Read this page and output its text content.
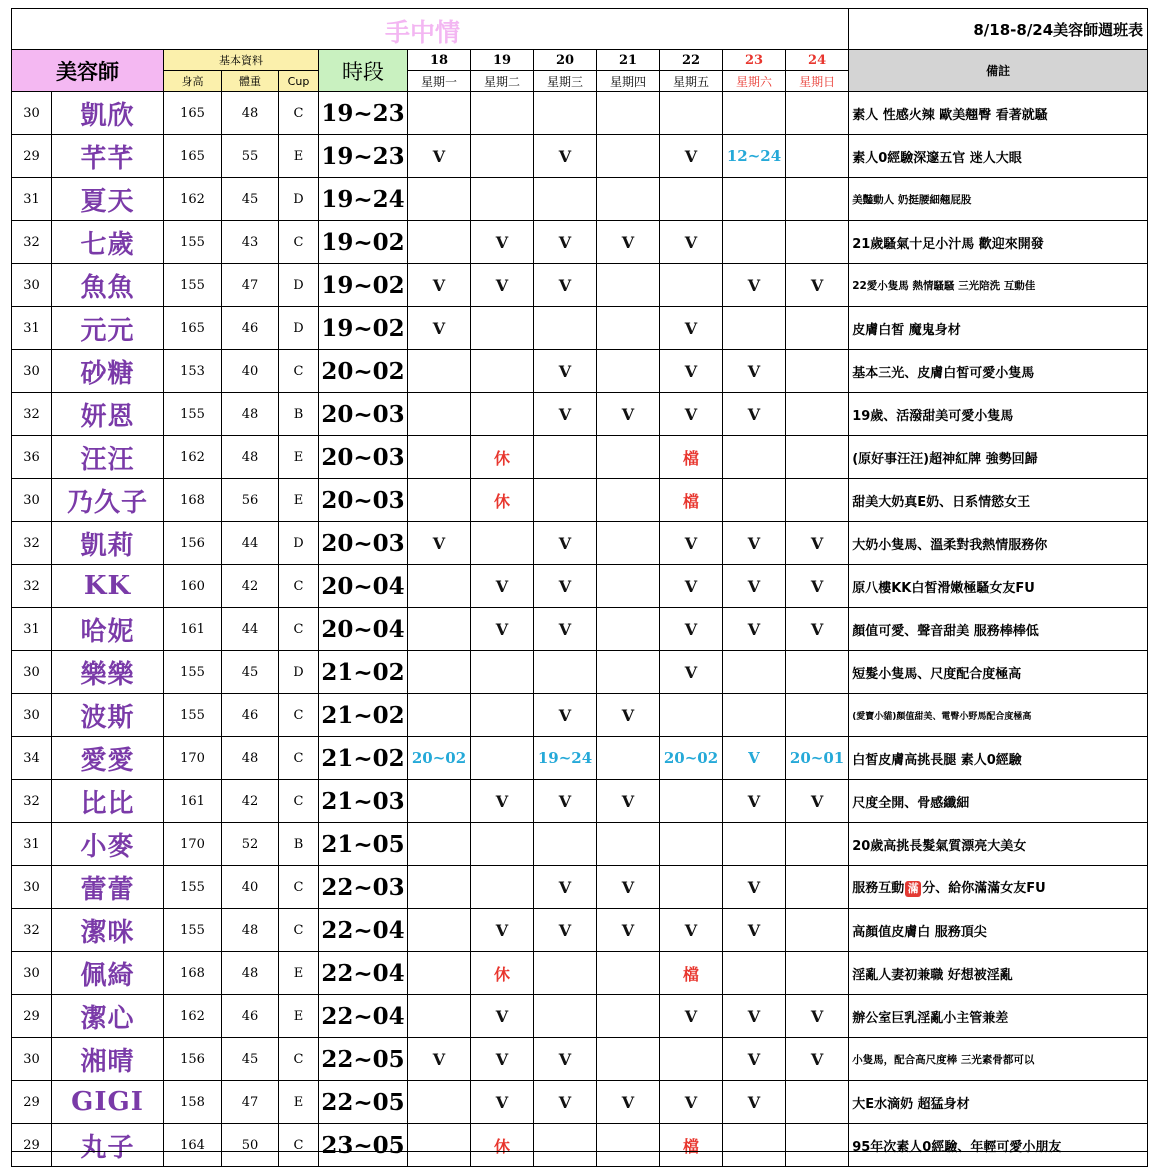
手中情													8/18-8/24美容師週班表
美容師		基本資料			時段	18	19	20	21	22	23	24	備註
		身高	體重	Cup		星期一	星期二	星期三	星期四	星期五	星期六	星期日	
30	凱欣	165	48	C	19~23								素人 性感火辣 歐美翹臀 看著就騷
29	芊芊	165	55	E	19~23	V		V		V	12~24		素人0經驗深邃五官 迷人大眼
31	夏天	162	45	D	19~24								美豔動人 奶挺腰細翹屁股
32	七歲	155	43	C	19~02		V	V	V	V			21歲騷氣十足小汁馬 歡迎來開發
30	魚魚	155	47	D	19~02	V	V	V			V	V	22愛小隻馬 熱情騷騷 三光陪洗 互動佳
31	元元	165	46	D	19~02	V				V			皮膚白皙 魔鬼身材
30	砂糖	153	40	C	20~02			V		V	V		基本三光、皮膚白皙可愛小隻馬
32	妍恩	155	48	B	20~03			V	V	V	V		19歲、活潑甜美可愛小隻馬
36	汪汪	162	48	E	20~03		休			檔			(原好事汪汪)超神紅牌 強勢回歸
30	乃久子	168	56	E	20~03		休			檔			甜美大奶真E奶、日系情慾女王
32	凱莉	156	44	D	20~03	V		V		V	V	V	大奶小隻馬、溫柔對我熱情服務你
32	KK	160	42	C	20~04		V	V		V	V	V	原八樓KK白皙滑嫩極騷女友FU
31	哈妮	161	44	C	20~04		V	V		V	V	V	顏值可愛、聲音甜美 服務棒棒低
30	樂樂	155	45	D	21~02					V			短髮小隻馬、尺度配合度極高
30	波斯	155	46	C	21~02			V	V				(愛寶小貓)顏值甜美、電臀小野馬配合度極高
34	愛愛	170	48	C	21~02	20~02		19~24		20~02	V	20~01	白皙皮膚高挑長腿 素人0經驗
32	比比	161	42	C	21~03		V	V	V		V	V	尺度全開、骨感纖細
31	小麥	170	52	B	21~05								20歲高挑長髮氣質漂亮大美女
30	蕾蕾	155	40	C	22~03			V	V		V		服務互動 滿 分、給你滿滿女友FU
32	潔咪	155	48	C	22~04		V	V	V	V	V		高顏值皮膚白 服務頂尖
30	佩綺	168	48	E	22~04		休			檔			淫亂人妻初兼職 好想被淫亂
29	潔心	162	46	E	22~04		V			V	V	V	辦公室巨乳淫亂小主管兼差
30	湘晴	156	45	C	22~05	V	V	V			V	V	小隻馬，配合高尺度棒 三光素骨都可以
29	GIGI	158	47	E	22~05		V	V	V	V	V		大E水滴奶 超猛身材
29	丸子	164	50	C	23~05		休			檔			95年次素人0經驗、年輕可愛小朋友
